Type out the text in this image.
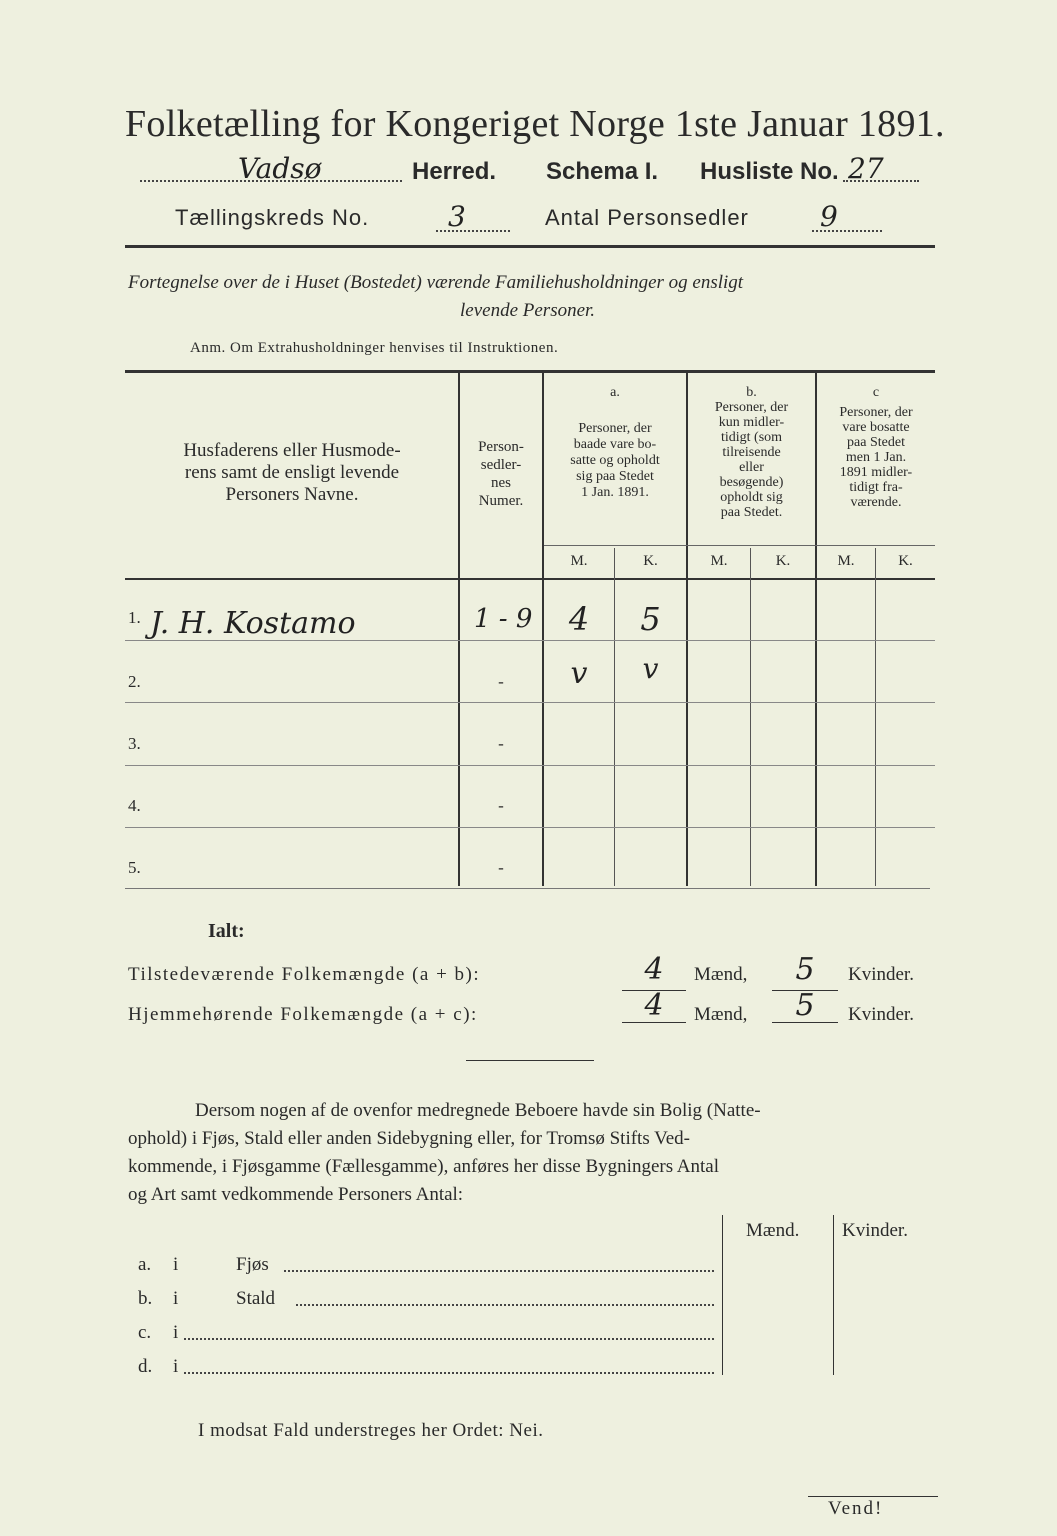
Folketælling for Kongeriget Norge 1ste Januar 1891.
Vadsø	Herred. Schema I. Husliste No. 27
Tællingskreds No.	3	Antal Personsedler	9
Fortegnelse over de i Huset (Bostedet) værende Familiehusholdninger og ensligt
levende Personer.
Anm. Om Extrahusholdninger henvises til Instruktionen.
Husfaderens eller Husmode-
rens samt de ensligt levende
Personers Navne.
Person-
sedler-
nes
Numer.
a.
Personer, der
baade vare bo-
satte og opholdt
sig paa Stedet
1 Jan. 1891.
b.
Personer, der
kun midler-
tidigt (som
tilreisende
eller
besøgende)
opholdt sig
paa Stedet.
c
Personer, der
vare bosatte
paa Stedet
men 1 Jan.
1891 midler-
tidigt fra-
værende.
M.	K.	M.	K.	M.	K.
1. J. H. Kostamo	1 - 9	4	5
2.	-	v	v
3.	-
4.	-
5.	-
Ialt:
Tilstedeværende Folkemængde (a + b):	4	Mænd,	5	Kvinder.
Hjemmehørende Folkemængde (a + c):	4	Mænd,	5	Kvinder.
Dersom nogen af de ovenfor medregnede Beboere havde sin Bolig (Natte-
ophold) i Fjøs, Stald eller anden Sidebygning eller, for Tromsø Stifts Ved-
kommende, i Fjøsgamme (Fællesgamme), anføres her disse Bygningers Antal
og Art samt vedkommende Personers Antal:
Mænd. Kvinder.
a. i	Fjøs
b. i	Stald
c. i
d. i
I modsat Fald understreges her Ordet: Nei.
Vend!
